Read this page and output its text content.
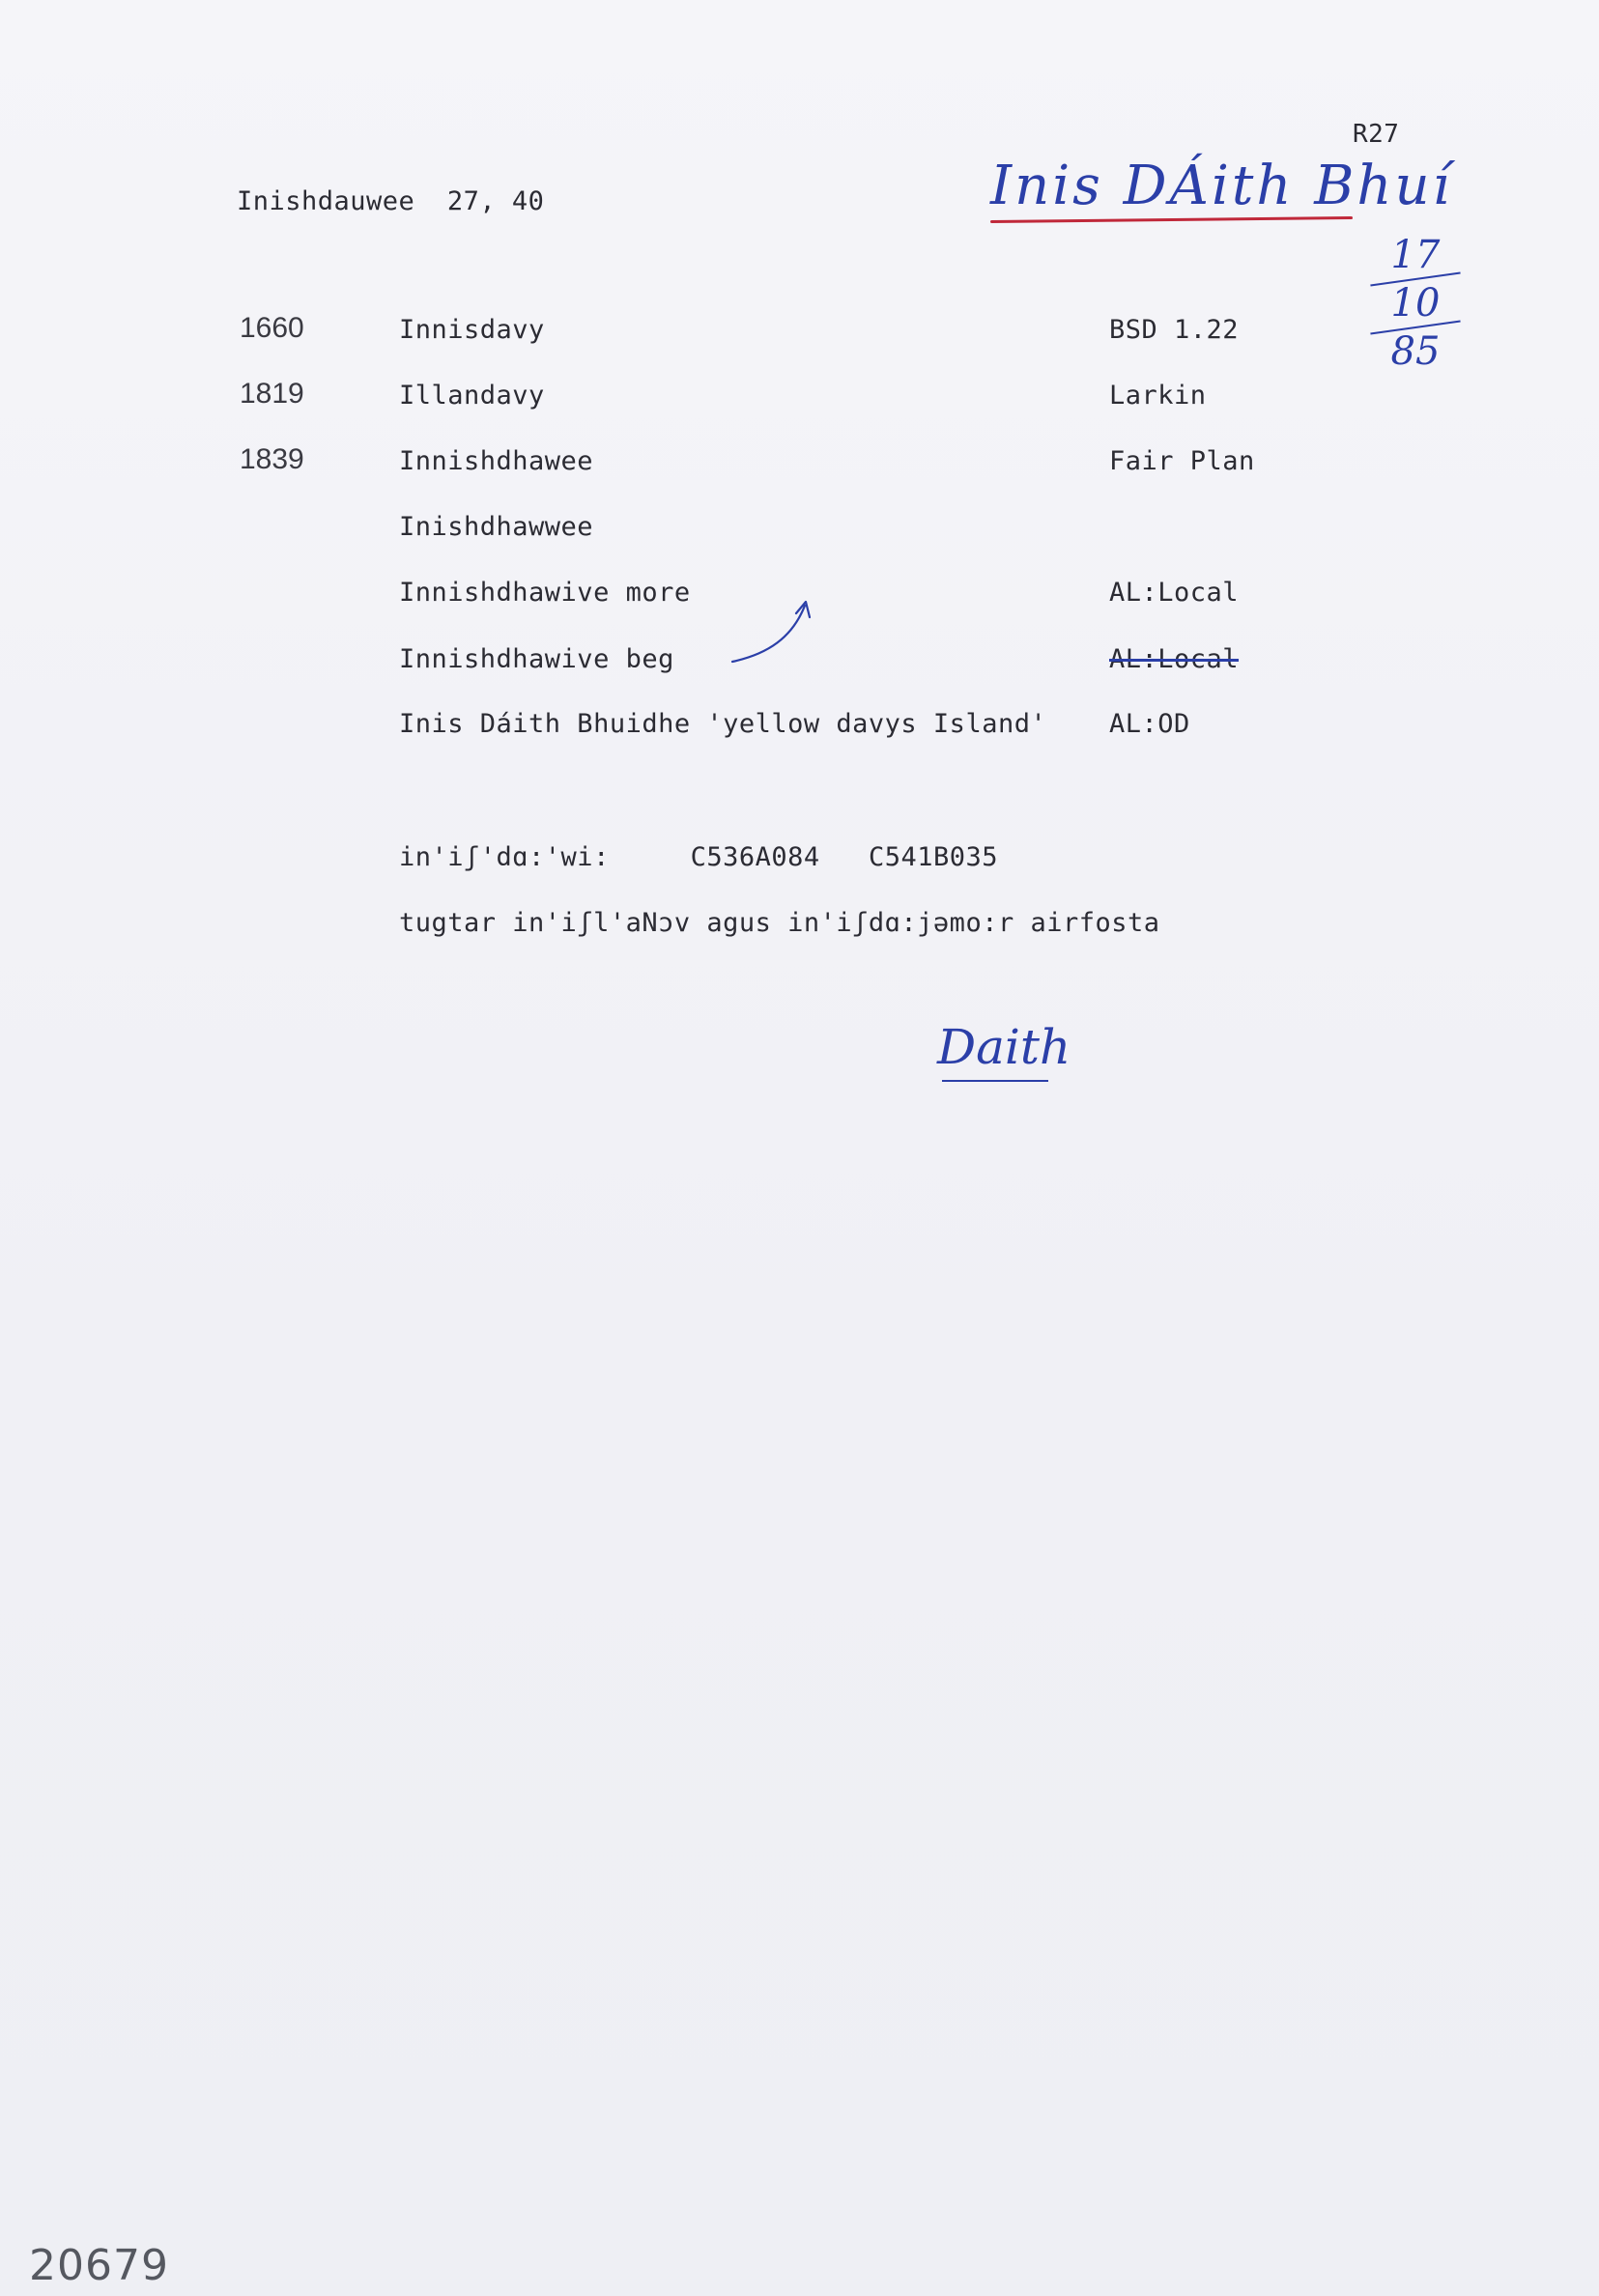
R27
Inishdauwee 27, 40	Inis DÁith Bhuí
17
10
85
1660	Innisdavy	BSD 1.22
1819	Illandavy	Larkin
1839	Innishdhawee	Fair Plan
Inishdhawwee
Innishdhawive more	AL:Local
Innishdhawive beg	AL:Local
Inis Dáith Bhuidhe 'yellow davys Island' AL:OD
in'iʃ'dɑ:'wi:	C536A084 C541B035
tugtar in'iʃl'aNɔv agus in'iʃdɑ:jəmo:r airfosta
Daith
20679
